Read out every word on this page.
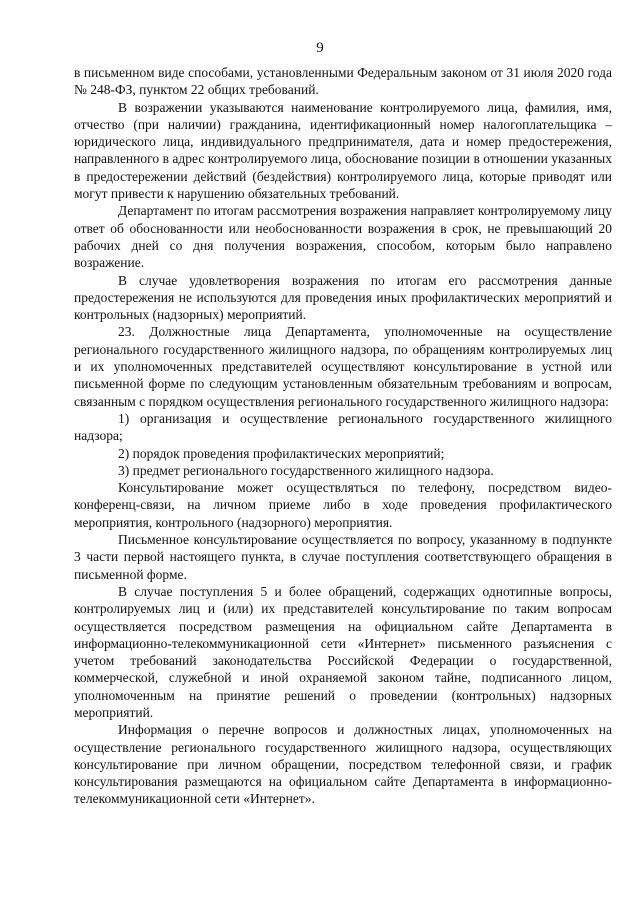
9

в письменном виде способами, установленными Федеральным законом от 31 июля 2020 года № 248-ФЗ, пунктом 22 общих требований.

В возражении указываются наименование контролируемого лица, фамилия, имя, отчество (при наличии) гражданина, идентификационный номер налогоплательщика – юридического лица, индивидуального предпринимателя, дата и номер предостережения, направленного в адрес контролируемого лица, обоснование позиции в отношении указанных в предостережении действий (бездействия) контролируемого лица, которые приводят или могут привести к нарушению обязательных требований.

Департамент по итогам рассмотрения возражения направляет контролируемому лицу ответ об обоснованности или необоснованности возражения в срок, не превышающий 20 рабочих дней со дня получения возражения, способом, которым было направлено возражение.

В случае удовлетворения возражения по итогам его рассмотрения данные предостережения не используются для проведения иных профилактических мероприятий и контрольных (надзорных) мероприятий.

23. Должностные лица Департамента, уполномоченные на осуществление регионального государственного жилищного надзора, по обращениям контролируемых лиц и их уполномоченных представителей осуществляют консультирование в устной или письменной форме по следующим установленным обязательным требованиям и вопросам, связанным с порядком осуществления регионального государственного жилищного надзора:

1) организация и осуществление регионального государственного жилищного надзора;

2) порядок проведения профилактических мероприятий;

3) предмет регионального государственного жилищного надзора.

Консультирование может осуществляться по телефону, посредством видео-конференц-связи, на личном приеме либо в ходе проведения профилактического мероприятия, контрольного (надзорного) мероприятия.

Письменное консультирование осуществляется по вопросу, указанному в подпункте 3 части первой настоящего пункта, в случае поступления соответствующего обращения в письменной форме.

В случае поступления 5 и более обращений, содержащих однотипные вопросы, контролируемых лиц и (или) их представителей консультирование по таким вопросам осуществляется посредством размещения на официальном сайте Департамента в информационно-телекоммуникационной сети «Интернет» письменного разъяснения с учетом требований законодательства Российской Федерации о государственной, коммерческой, служебной и иной охраняемой законом тайне, подписанного лицом, уполномоченным на принятие решений о проведении (контрольных) надзорных мероприятий.

Информация о перечне вопросов и должностных лицах, уполномоченных на осуществление регионального государственного жилищного надзора, осуществляющих консультирование при личном обращении, посредством телефонной связи, и график консультирования размещаются на официальном сайте Департамента в информационно-телекоммуникационной сети «Интернет».
